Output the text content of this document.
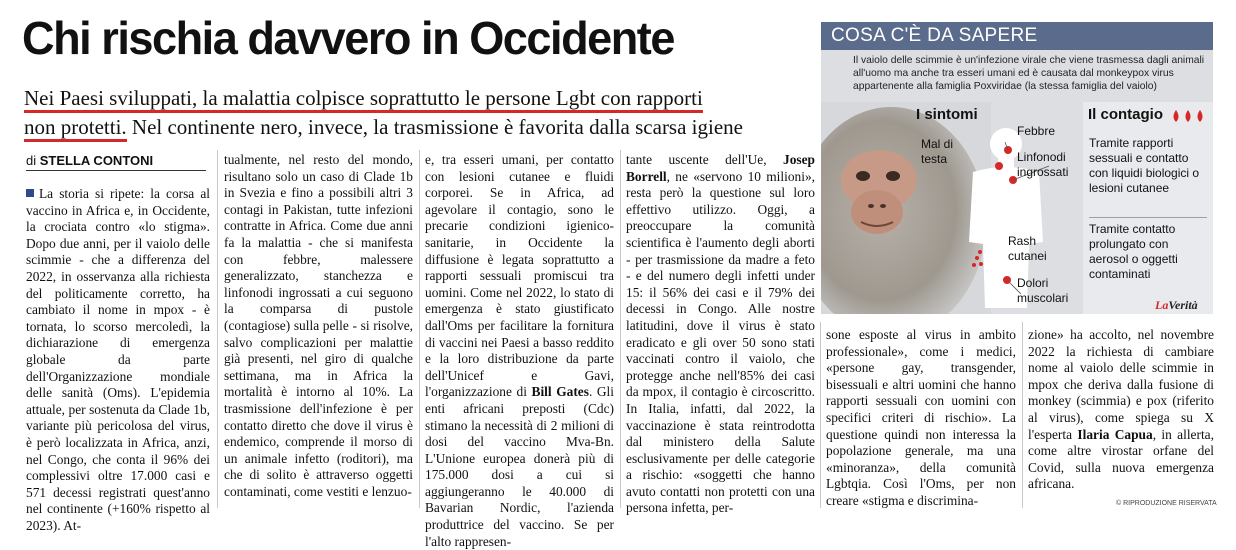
Chi rischia davvero in Occidente
Nei Paesi sviluppati, la malattia colpisce soprattutto le persone Lgbt con rapporti
non protetti. Nel continente nero, invece, la trasmissione è favorita dalla scarsa igiene
di STELLA CONTONI

La storia si ripete: la corsa al vaccino in Africa e, in Occidente, la crociata contro «lo stigma». Dopo due anni, per il vaiolo delle scimmie - che a differenza del 2022, in osservanza alla richiesta del politicamente corretto, ha cambiato il nome in mpox - è tornata, lo scorso mercoledì, la dichiarazione di emergenza globale da parte dell'Organizzazione mondiale delle sanità (Oms). L'epidemia attuale, per sostenuta da Clade 1b, variante più pericolosa del virus, è però localizzata in Africa, anzi, nel Congo, che conta il 96% dei complessivi oltre 17.000 casi e 571 decessi registrati quest'anno nel continente (+160% rispetto al 2023). At-

tualmente, nel resto del mondo, risultano solo un caso di Clade 1b in Svezia e fino a possibili altri 3 contagi in Pakistan, tutte infezioni contratte in Africa. Come due anni fa la malattia - che si manifesta con febbre, malessere generalizzato, stanchezza e linfonodi ingrossati a cui seguono la comparsa di pustole (contagiose) sulla pelle - si risolve, salvo complicazioni per malattie già presenti, nel giro di qualche settimana, ma in Africa la mortalità è intorno al 10%. La trasmissione dell'infezione è per contatto diretto che dove il virus è endemico, comprende il morso di un animale infetto (roditori), ma che di solito è attraverso oggetti contaminati, come vestiti e lenzuo-

e, tra esseri umani, per contatto con lesioni cutanee e fluidi corporei. Se in Africa, ad agevolare il contagio, sono le precarie condizioni igienico-sanitarie, in Occidente la diffusione è legata soprattutto a rapporti sessuali promiscui tra uomini. Come nel 2022, lo stato di emergenza è stato giustificato dall'Oms per facilitare la fornitura di vaccini nei Paesi a basso reddito e la loro distribuzione da parte dell'Unicef e Gavi, l'organizzazione di Bill Gates. Gli enti africani preposti (Cdc) stimano la necessità di 2 milioni di dosi del vaccino Mva-Bn. L'Unione europea donerà più di 175.000 dosi a cui si aggiungeranno le 40.000 di Bavarian Nordic, l'azienda produttrice del vaccino. Se per l'alto rappresen-

tante uscente dell'Ue, Josep Borrell, ne «servono 10 milioni», resta però la questione sul loro effettivo utilizzo. Oggi, a preoccupare la comunità scientifica è l'aumento degli aborti - per trasmissione da madre a feto - e del numero degli infetti under 15: il 56% dei casi e il 79% dei decessi in Congo. Alle nostre latitudini, dove il virus è stato eradicato e gli over 50 sono stati vaccinati contro il vaiolo, che protegge anche nell'85% dei casi da mpox, il contagio è circoscritto. In Italia, infatti, dal 2022, la vaccinazione è stata reintrodotta dal ministero della Salute esclusivamente per delle categorie a rischio: «soggetti che hanno avuto contatti non protetti con una persona infetta, per-

sone esposte al virus in ambito professionale», come i medici, «persone gay, transgender, bisessuali e altri uomini che hanno rapporti sessuali con uomini con specifici criteri di rischio». La questione quindi non interessa la popolazione generale, ma una «minoranza», della comunità Lgbtqia. Così l'Oms, per non creare «stigma e discrimina-

zione» ha accolto, nel novembre 2022 la richiesta di cambiare nome al vaiolo delle scimmie in mpox che deriva dalla fusione di monkey (scimmia) e pox (riferito al virus), come spiega su X l'esperta Ilaria Capua, in allerta, come altre virostar orfane del Covid, sulla nuova emergenza africana.

© RIPRODUZIONE RISERVATA
COSA C'È DA SAPERE
Il vaiolo delle scimmie è un'infezione virale che viene trasmessa dagli animali all'uomo ma anche tra esseri umani ed è causata dal monkeypox virus appartenente alla famiglia Poxviridae (la stessa famiglia del vaiolo)
I sintomi
Febbre
Mal di testa	Linfonodi ingrossati
Rash cutanei
Dolori muscolari
Il contagio
Tramite rapporti sessuali e contatto con liquidi biologici o lesioni cutanee
Tramite contatto prolungato con aerosol o oggetti contaminati
LaVerità
